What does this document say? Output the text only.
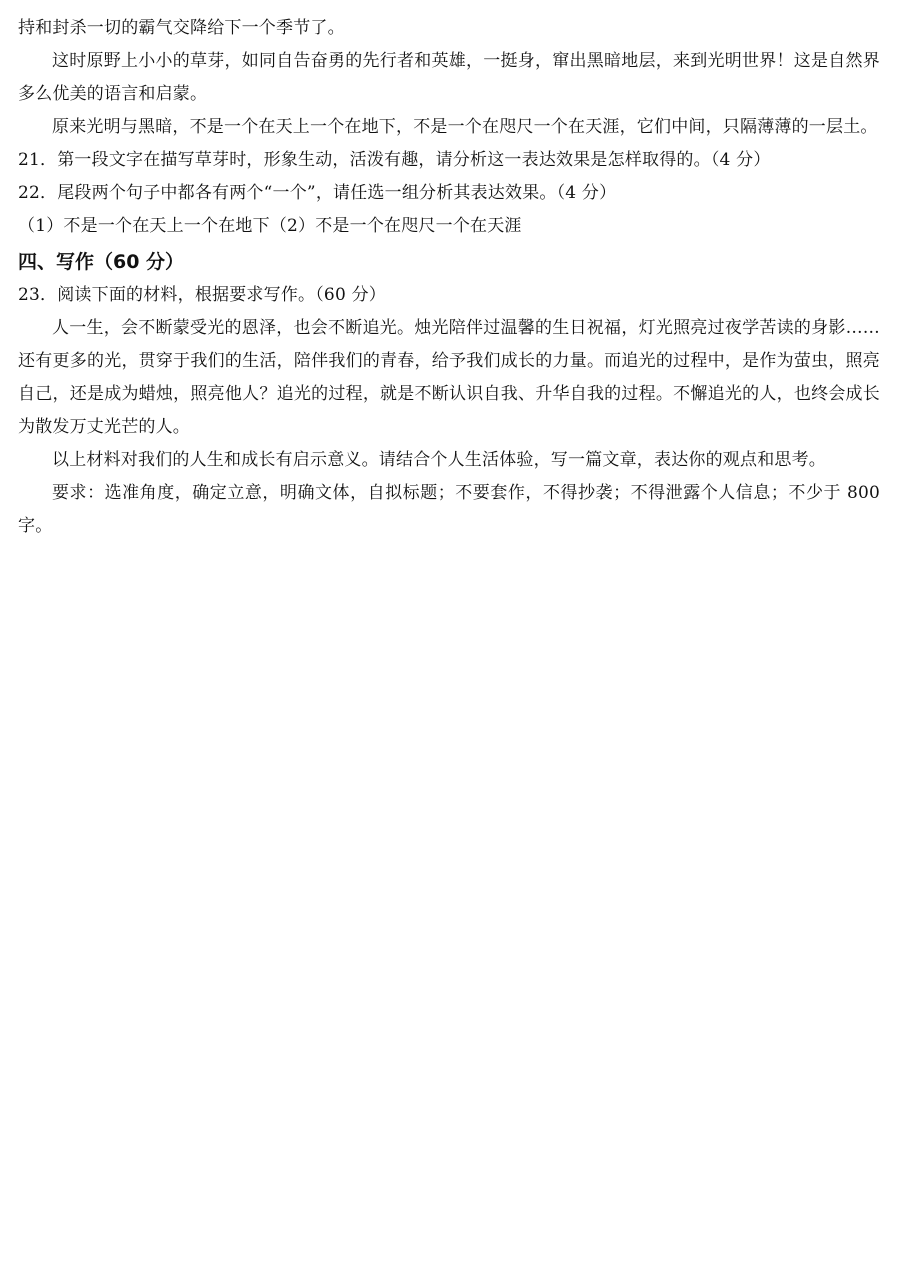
持和封杀一切的霸气交降给下一个季节了。

这时原野上小小的草芽，如同自告奋勇的先行者和英雄，一挺身，窜出黑暗地层，来到光明世界！这是自然界多么优美的语言和启蒙。

原来光明与黑暗，不是一个在天上一个在地下，不是一个在咫尺一个在天涯，它们中间，只隔薄薄的一层土。

21．第一段文字在描写草芽时，形象生动，活泼有趣，请分析这一表达效果是怎样取得的。（4 分）

22．尾段两个句子中都各有两个“一个”，请任选一组分析其表达效果。（4 分）

（1）不是一个在天上一个在地下（2）不是一个在咫尺一个在天涯

四、写作（60 分）

23．阅读下面的材料，根据要求写作。（60 分）

人一生，会不断蒙受光的恩泽，也会不断追光。烛光陪伴过温馨的生日祝福，灯光照亮过夜学苦读的身影……还有更多的光，贯穿于我们的生活，陪伴我们的青春，给予我们成长的力量。而追光的过程中，是作为萤虫，照亮自己，还是成为蜡烛，照亮他人？追光的过程，就是不断认识自我、升华自我的过程。不懈追光的人，也终会成长为散发万丈光芒的人。

以上材料对我们的人生和成长有启示意义。请结合个人生活体验，写一篇文章，表达你的观点和思考。

要求：选准角度，确定立意，明确文体，自拟标题；不要套作，不得抄袭；不得泄露个人信息；不少于 800 字。
